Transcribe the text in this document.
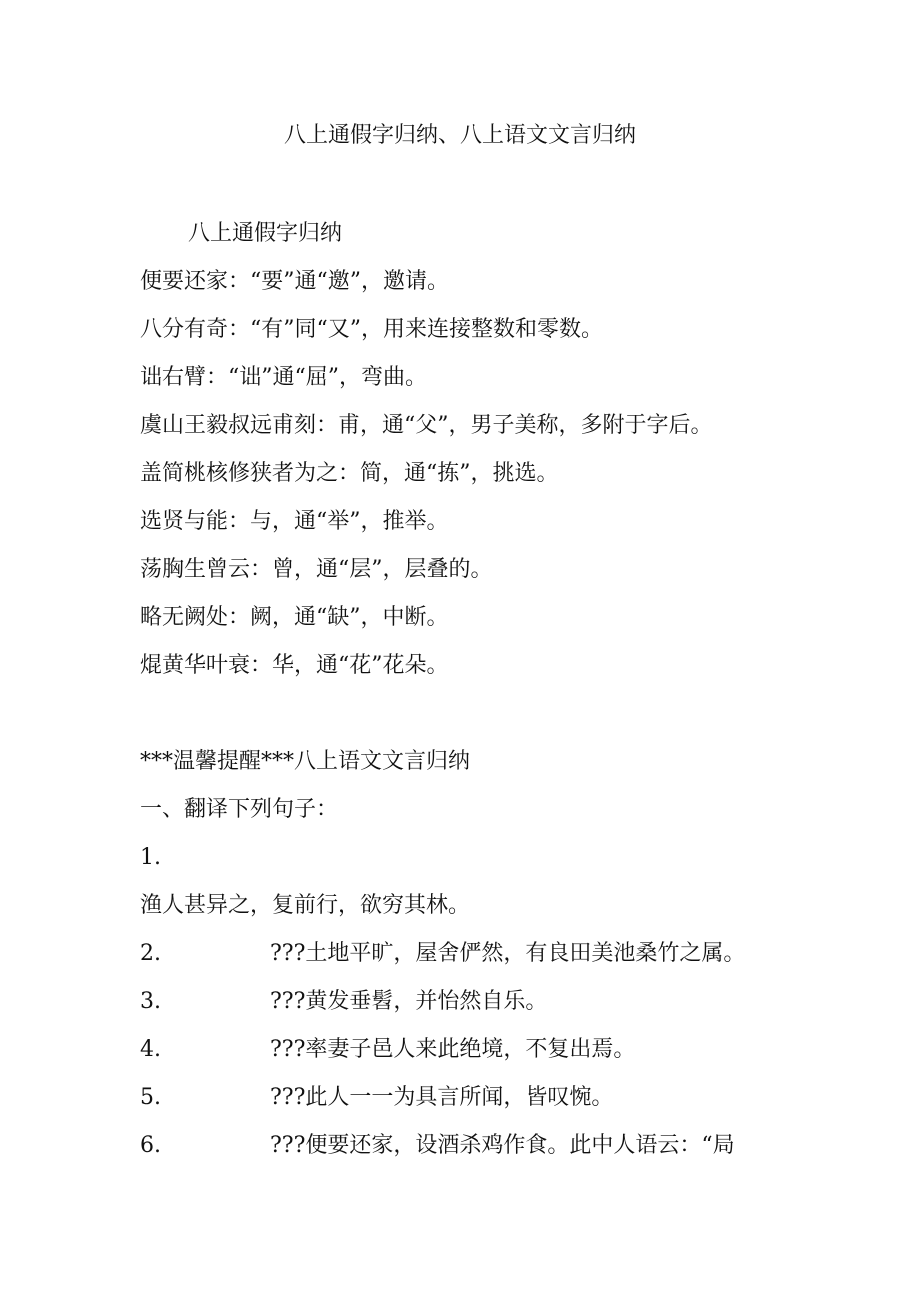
八上通假字归纳、八上语文文言归纳
八上通假字归纳
便要还家：“要”通“邀”，邀请。
八分有奇：“有”同“又”，用来连接整数和零数。
诎右臂：“诎”通“屈”，弯曲。
虞山王毅叔远甫刻：甫，通“父”，男子美称，多附于字后。
盖简桃核修狭者为之：简，通“拣”，挑选。
选贤与能：与，通“举”，推举。
荡胸生曾云：曾，通“层”，层叠的。
略无阙处：阙，通“缺”，中断。
焜黄华叶衰：华，通“花”花朵。
***温馨提醒***八上语文文言归纳
一、翻译下列句子：
1.
渔人甚异之，复前行，欲穷其林。
2.	???土地平旷，屋舍俨然，有良田美池桑竹之属。
3.	???黄发垂髫，并怡然自乐。
4.	???率妻子邑人来此绝境，不复出焉。
5.	???此人一一为具言所闻，皆叹惋。
6.	???便要还家，设酒杀鸡作食。此中人语云：“局
